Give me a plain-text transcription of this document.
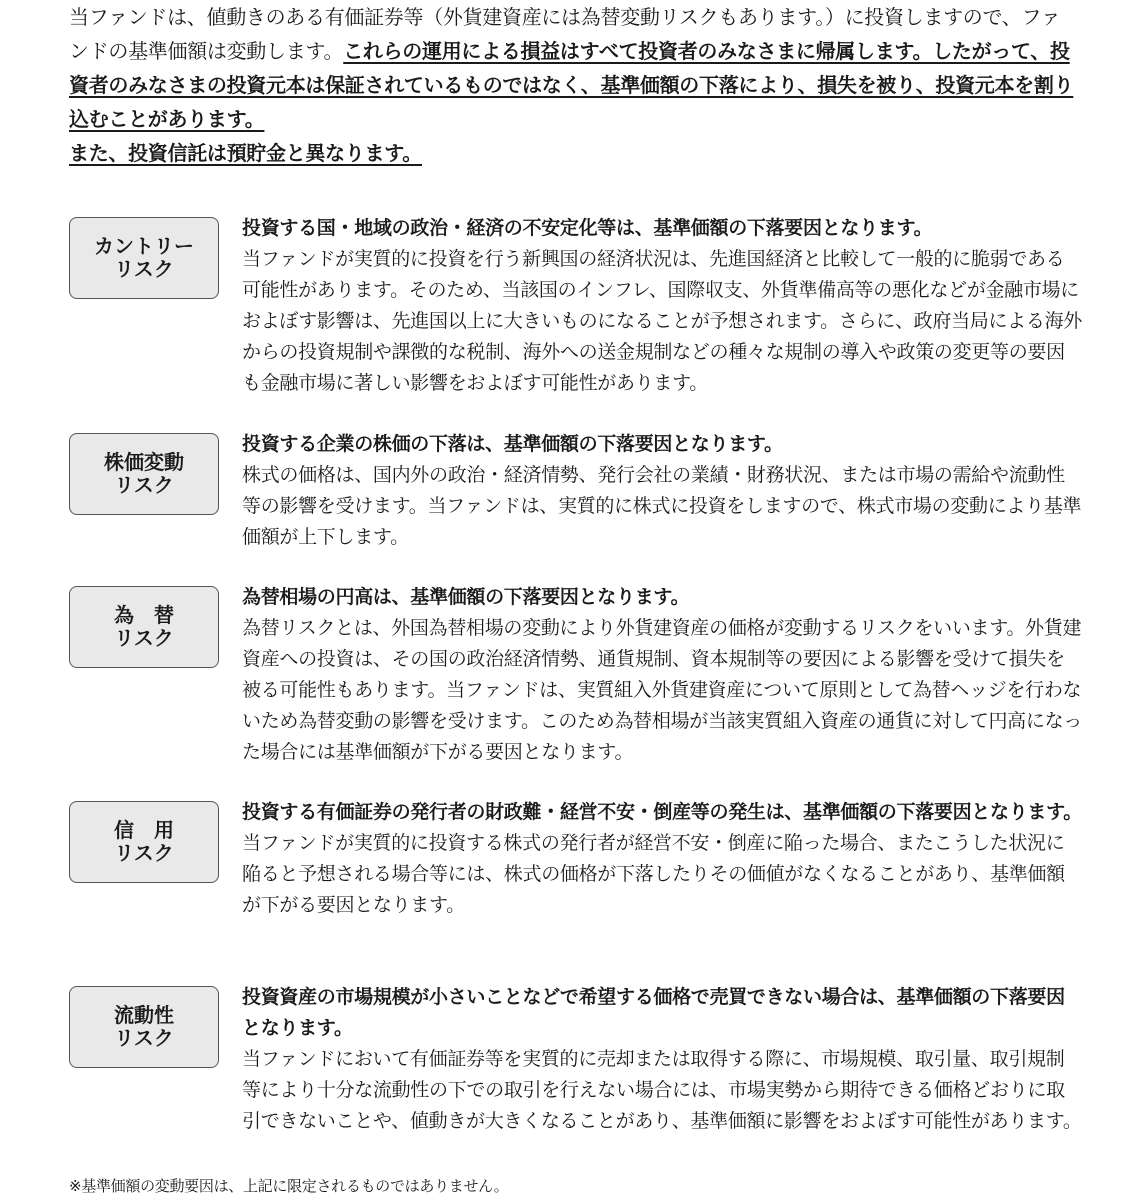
当ファンドは、値動きのある有価証券等（外貨建資産には為替変動リスクもあります。）に投資しますので、ファンドの基準価額は変動します。これらの運用による損益はすべて投資者のみなさまに帰属します。したがって、投資者のみなさまの投資元本は保証されているものではなく、基準価額の下落により、損失を被り、投資元本を割り込むことがあります。
また、投資信託は預貯金と異なります。
カントリー
リスク
投資する国・地域の政治・経済の不安定化等は、基準価額の下落要因となります。
当ファンドが実質的に投資を行う新興国の経済状況は、先進国経済と比較して一般的に脆弱である可能性があります。そのため、当該国のインフレ、国際収支、外貨準備高等の悪化などが金融市場におよぼす影響は、先進国以上に大きいものになることが予想されます。さらに、政府当局による海外からの投資規制や課徴的な税制、海外への送金規制などの種々な規制の導入や政策の変更等の要因も金融市場に著しい影響をおよぼす可能性があります。
株価変動
リスク
投資する企業の株価の下落は、基準価額の下落要因となります。
株式の価格は、国内外の政治・経済情勢、発行会社の業績・財務状況、または市場の需給や流動性等の影響を受けます。当ファンドは、実質的に株式に投資をしますので、株式市場の変動により基準価額が上下します。
為　替
リスク
為替相場の円高は、基準価額の下落要因となります。
為替リスクとは、外国為替相場の変動により外貨建資産の価格が変動するリスクをいいます。外貨建資産への投資は、その国の政治経済情勢、通貨規制、資本規制等の要因による影響を受けて損失を被る可能性もあります。当ファンドは、実質組入外貨建資産について原則として為替ヘッジを行わないため為替変動の影響を受けます。このため為替相場が当該実質組入資産の通貨に対して円高になった場合には基準価額が下がる要因となります。
信　用
リスク
投資する有価証券の発行者の財政難・経営不安・倒産等の発生は、基準価額の下落要因となります。
当ファンドが実質的に投資する株式の発行者が経営不安・倒産に陥った場合、またこうした状況に陥ると予想される場合等には、株式の価格が下落したりその価値がなくなることがあり、基準価額が下がる要因となります。
流動性
リスク
投資資産の市場規模が小さいことなどで希望する価格で売買できない場合は、基準価額の下落要因となります。
当ファンドにおいて有価証券等を実質的に売却または取得する際に、市場規模、取引量、取引規制等により十分な流動性の下での取引を行えない場合には、市場実勢から期待できる価格どおりに取引できないことや、値動きが大きくなることがあり、基準価額に影響をおよぼす可能性があります。
※基準価額の変動要因は、上記に限定されるものではありません。
